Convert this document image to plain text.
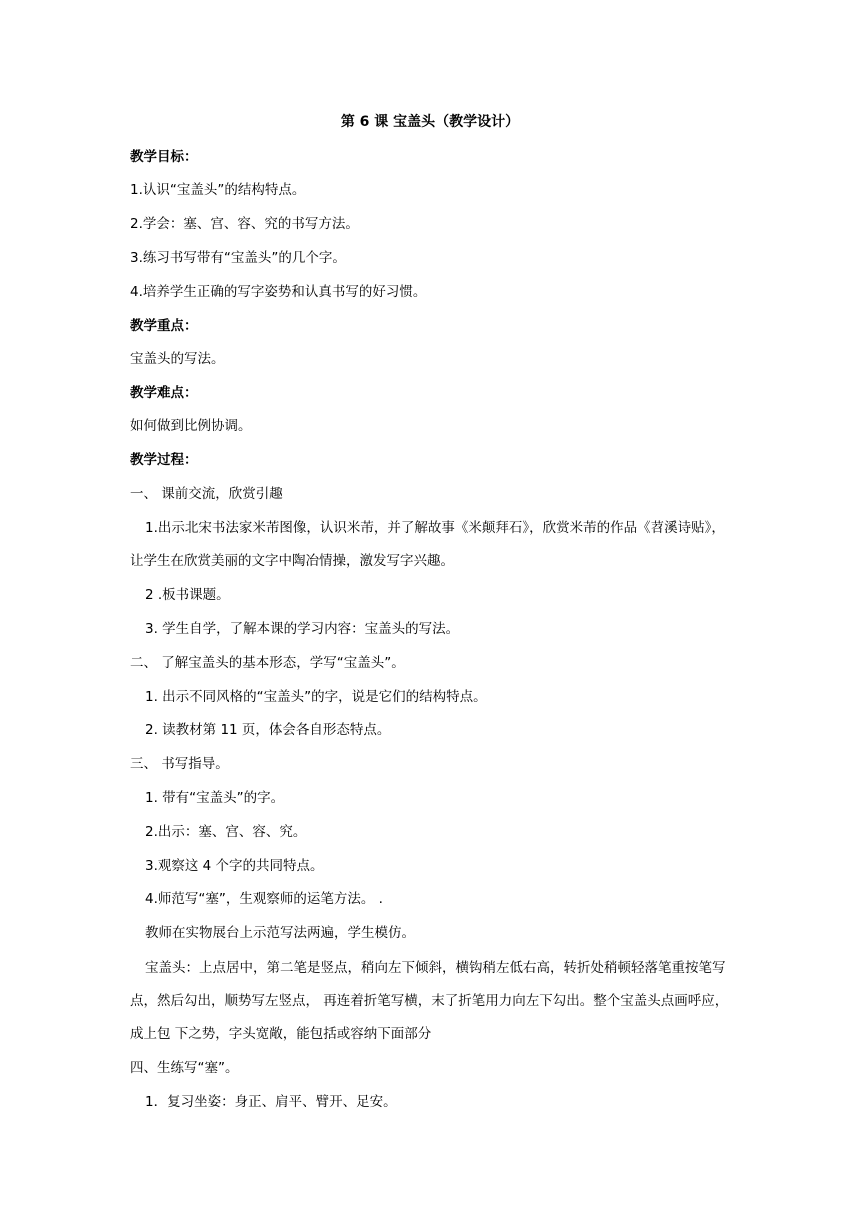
第 6 课 宝盖头（教学设计）
教学目标：
1.认识“宝盖头”的结构特点。
2.学会：塞、宫、容、究的书写方法。
3.练习书写带有“宝盖头”的几个字。
4.培养学生正确的写字姿势和认真书写的好习惯。
教学重点：
宝盖头的写法。
教学难点：
如何做到比例协调。
教学过程：
一、 课前交流，欣赏引趣
1.出示北宋书法家米芾图像，认识米芾，并了解故事《米颠拜石》，欣赏米芾的作品《苕溪诗贴》，让学生在欣赏美丽的文字中陶冶情操，激发写字兴趣。
2 .板书课题。
3. 学生自学，了解本课的学习内容：宝盖头的写法。
二、 了解宝盖头的基本形态，学写“宝盖头”。
1. 出示不同风格的“宝盖头”的字，说是它们的结构特点。
2. 读教材第 11 页，体会各自形态特点。
三、 书写指导。
1. 带有“宝盖头”的字。
2.出示：塞、宫、容、究。
3.观察这 4 个字的共同特点。
4.师范写“塞”，生观察师的运笔方法。 .
教师在实物展台上示范写法两遍，学生模仿。
宝盖头：上点居中，第二笔是竖点，稍向左下倾斜，横钩稍左低右高，转折处稍顿轻落笔重按笔写点，然后勾出，顺势写左竖点， 再连着折笔写横，末了折笔用力向左下勾出。整个宝盖头点画呼应，成上包 下之势，字头宽敞，能包括或容纳下面部分
四、生练写“塞”。
1．复习坐姿：身正、肩平、臂开、足安。
